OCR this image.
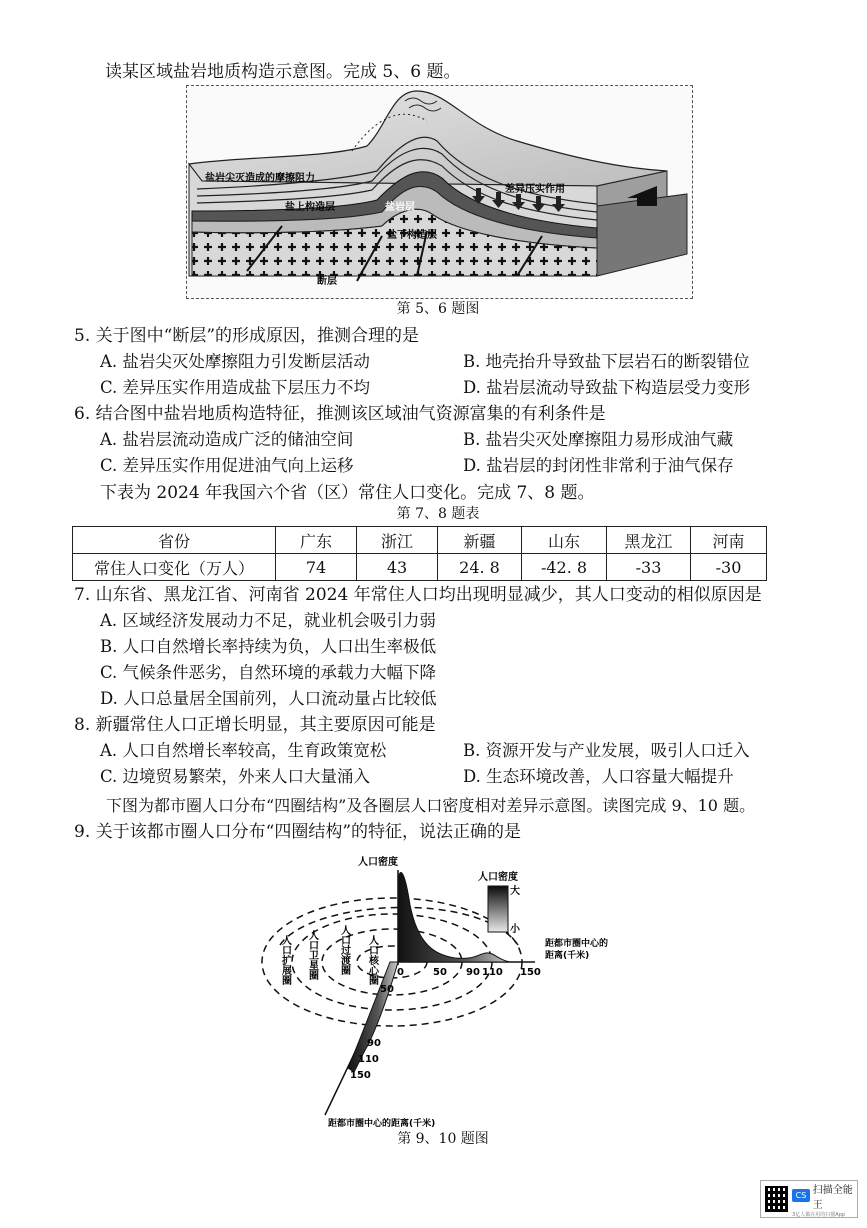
读某区域盐岩地质构造示意图。完成 5、6 题。
盐岩尖灭造成的摩擦阻力
盐上构造层	盐岩层
盐下构造层
差异压实作用
断层
第 5、6 题图
5. 关于图中“断层”的形成原因，推测合理的是
A. 盐岩尖灭处摩擦阻力引发断层活动	B. 地壳抬升导致盐下层岩石的断裂错位
C. 差异压实作用造成盐下层压力不均	D. 盐岩层流动导致盐下构造层受力变形
6. 结合图中盐岩地质构造特征，推测该区域油气资源富集的有利条件是
A. 盐岩层流动造成广泛的储油空间	B. 盐岩尖灭处摩擦阻力易形成油气藏
C. 差异压实作用促进油气向上运移	D. 盐岩层的封闭性非常利于油气保存
下表为 2024 年我国六个省（区）常住人口变化。完成 7、8 题。
第 7、8 题表
省份	广东	浙江	新疆	山东	黑龙江	河南
常住人口变化（万人）	74	43	24. 8	-42. 8	-33	-30
7. 山东省、黑龙江省、河南省 2024 年常住人口均出现明显减少，其人口变动的相似原因是
A. 区域经济发展动力不足，就业机会吸引力弱
B. 人口自然增长率持续为负，人口出生率极低
C. 气候条件恶劣，自然环境的承载力大幅下降
D. 人口总量居全国前列，人口流动量占比较低
8. 新疆常住人口正增长明显，其主要原因可能是
A. 人口自然增长率较高，生育政策宽松	B. 资源开发与产业发展，吸引人口迁入
C. 边境贸易繁荣，外来人口大量涌入	D. 生态环境改善，人口容量大幅提升
下图为都市圈人口分布“四圈结构”及各圈层人口密度相对差异示意图。读图完成 9、10 题。
9. 关于该都市圈人口分布“四圈结构”的特征，说法正确的是
0	50 90 110 150
50
90
110
150
人口密度
距都市圈中心的
距离(千米)
距都市圈中心的距离(千米)
人口扩展圈 人口卫星圈 人口过渡圈 人口核心圈
人口密度
大
小
第 9、10 题图
CS 扫描全能王
3亿人都在用的扫描App
